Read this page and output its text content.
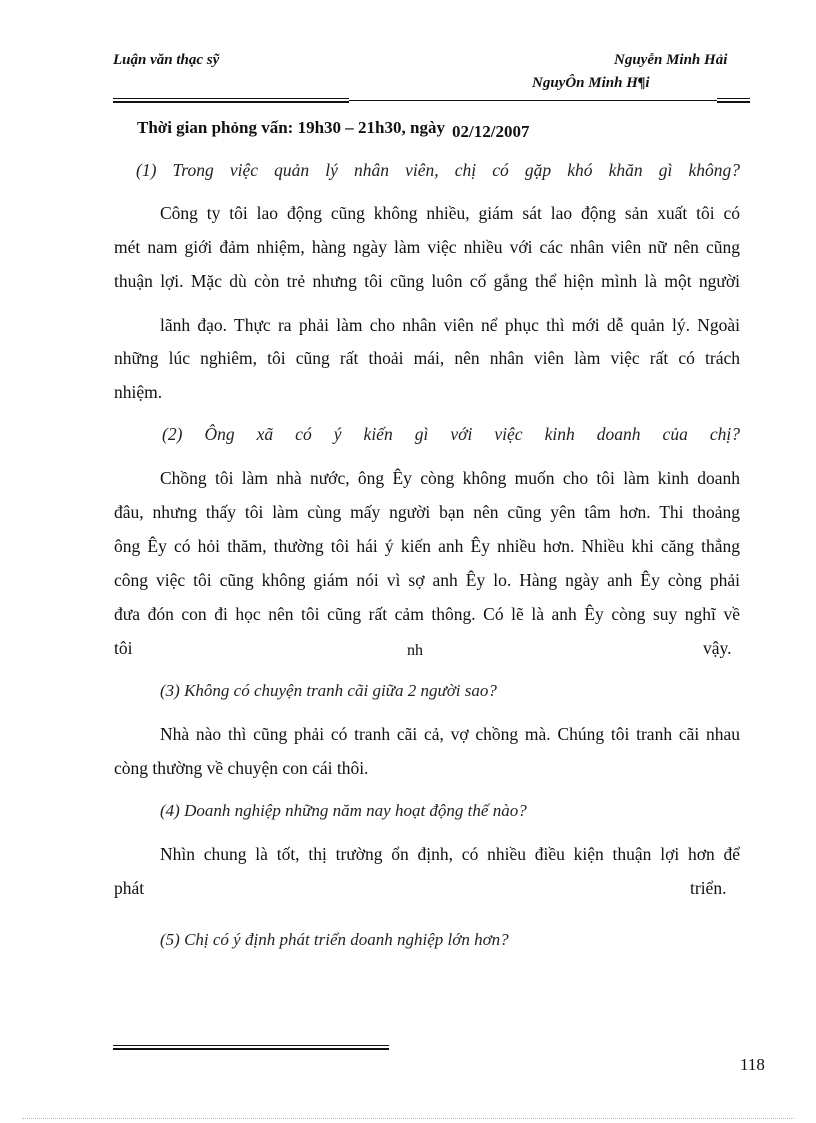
Luận văn thạc sỹ	Nguyễn Minh Hải
NguyÔn Minh H¶i
Thời gian phỏng vấn: 19h30 – 21h30, ngày 02/12/2007
(1) Trong việc quản lý nhân viên, chị có gặp khó khăn gì không?
Công ty tôi lao động cũng không nhiều, giám sát lao động sản xuất tôi có
mét nam giới đảm nhiệm, hàng ngày làm việc nhiều với các nhân viên nữ nên cũng
thuận lợi. Mặc dù còn trẻ nhưng tôi cũng luôn cố gắng thể hiện mình là một người
lãnh đạo. Thực ra phải làm cho nhân viên nể phục thì mới dễ quản lý. Ngoài
những lúc nghiêm, tôi cũng rất thoải mái, nên nhân viên làm việc rất có trách
nhiệm.
(2) Ông xã có ý kiến gì với việc kinh doanh của chị?
Chồng tôi làm nhà nước, ông Êy còng không muốn cho tôi làm kinh doanh
đâu, nhưng thấy tôi làm cùng mấy người bạn nên cũng yên tâm hơn. Thi thoảng
ông Êy có hỏi thăm, thường tôi hái ý kiến anh Êy nhiều hơn. Nhiều khi căng thẳng
công việc tôi cũng không giám nói vì sợ anh Êy lo. Hàng ngày anh Êy còng phải
đưa đón con đi học nên tôi cũng rất cảm thông. Có lẽ là anh Êy còng suy nghĩ về
tôi	nh	vậy.
(3) Không có chuyện tranh cãi giữa 2 người sao?
Nhà nào thì cũng phải có tranh cãi cả, vợ chồng mà. Chúng tôi tranh cãi nhau
còng thường về chuyện con cái thôi.
(4) Doanh nghiệp những năm nay hoạt động thế nào?
Nhìn chung là tốt, thị trường ổn định, có nhiều điều kiện thuận lợi hơn để
phát	triển.
(5) Chị có ý định phát triển doanh nghiệp lớn hơn?
118
